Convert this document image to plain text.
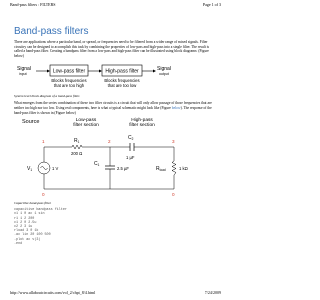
Band-pass filters : FILTERS	Page 1 of 3
Band-pass filters

There are applications where a particular band, or spread, or frequencies need to be filtered from a wider range of mixed signals. Filter circuitry can be designed to accomplish this task by combining the properties of low-pass and high-pass into a single filter. The result is called a band-pass filter. Creating a bandpass filter from a low-pass and high-pass filter can be illustrated using block diagrams: (Figure below)

Signal
input	Low-pass filter	High-pass filter	Signal
output
Blocks frequencies
that are too high
Blocks frequencies
that are too low
System level block diagram of a band-pass filter.

What emerges from the series combination of these two filter circuits is a circuit that will only allow passage of those frequencies that are neither too high nor too low. Using real components, here is what a typical schematic might look like (Figure below). The response of the band-pass filter is shown in (Figure below)

Source	Low-pass
filter section
High-pass
filter section
$R_1$
200 Ω
$C_2$
1 µF
$C_1$
2.5 µF
$V_1$	1 V	$R_{load}$	1 kΩ
1	2	3
0	0
Capacitive band-pass filter.
capacitive bandpass filter
v1 1 0 ac 1 sin
r1 1 2 200
c1 2 0 2.5u
c2 2 3 1u
rload 3 0 1k
.ac lin 20 100 500
.plot ac v(3)
.end
http://www.allaboutcircuits.com/vol_2/chpt_8/4.html	7/24/2009
